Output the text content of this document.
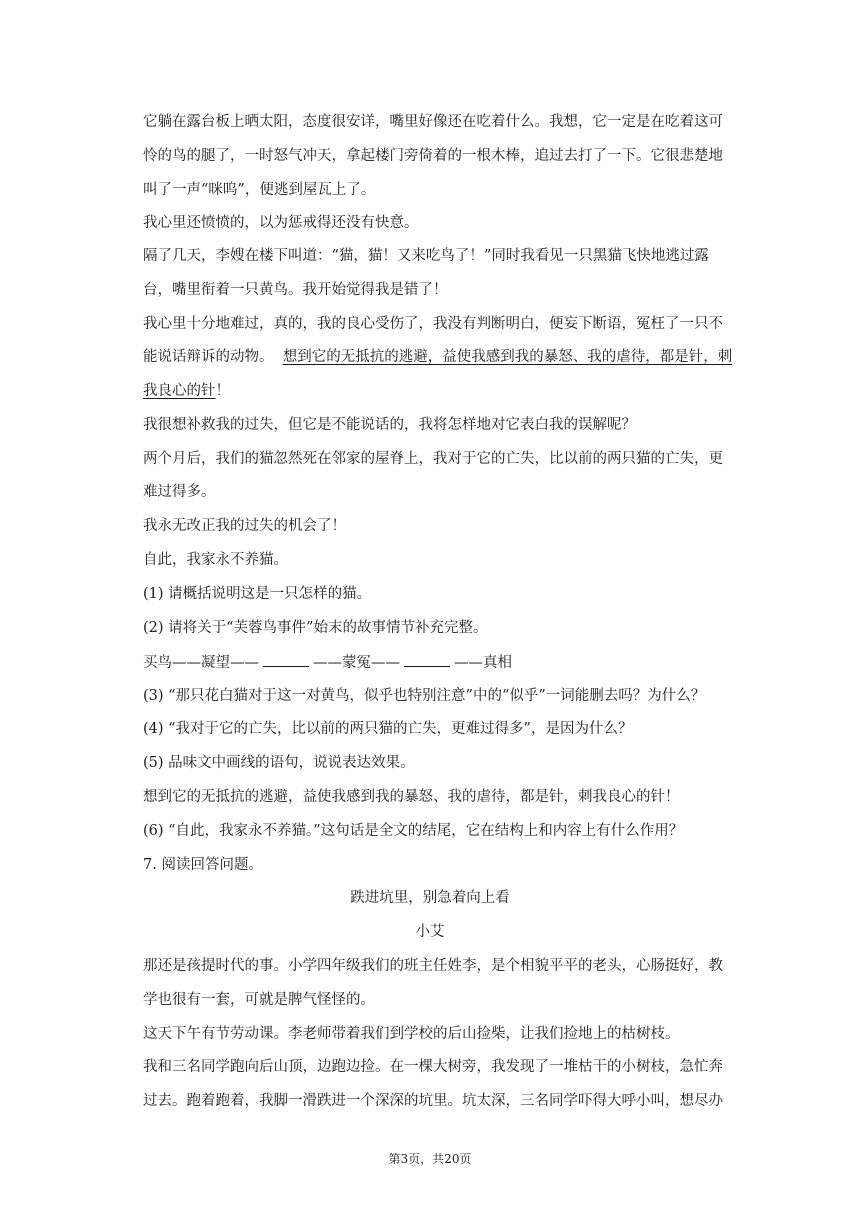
它躺在露台板上晒太阳，态度很安详，嘴里好像还在吃着什么。我想，它一定是在吃着这可
怜的鸟的腿了，一时怒气冲天，拿起楼门旁倚着的一根木棒，追过去打了一下。它很悲楚地
叫了一声“咪呜”，便逃到屋瓦上了。
我心里还愤愤的，以为惩戒得还没有快意。
隔了几天，李嫂在楼下叫道：“猫，猫！又来吃鸟了！”同时我看见一只黑猫飞快地逃过露
台，嘴里衔着一只黄鸟。我开始觉得我是错了！
我心里十分地难过，真的，我的良心受伤了，我没有判断明白，便妄下断语，冤枉了一只不
能说话辩诉的动物。 想到它的无抵抗的逃避，益使我感到我的暴怒、我的虐待，都是针，刺
我良心的针！
我很想补救我的过失，但它是不能说话的，我将怎样地对它表白我的误解呢？
两个月后，我们的猫忽然死在邻家的屋脊上，我对于它的亡失，比以前的两只猫的亡失，更
难过得多。
我永无改正我的过失的机会了！
自此，我家永不养猫。
(1) 请概括说明这是一只怎样的猫。
(2) 请将关于“芙蓉鸟事件”始末的故事情节补充完整。
买鸟——凝望——	——蒙冤——	——真相
(3) “那只花白猫对于这一对黄鸟，似乎也特别注意”中的“似乎”一词能删去吗？为什么？
(4) “我对于它的亡失，比以前的两只猫的亡失，更难过得多”，是因为什么？
(5) 品味文中画线的语句，说说表达效果。
想到它的无抵抗的逃避，益使我感到我的暴怒、我的虐待，都是针，刺我良心的针！
(6) “自此，我家永不养猫。”这句话是全文的结尾，它在结构上和内容上有什么作用？
7. 阅读回答问题。
跌进坑里，别急着向上看
小艾
那还是孩提时代的事。小学四年级我们的班主任姓李，是个相貌平平的老头，心肠挺好，教
学也很有一套，可就是脾气怪怪的。
这天下午有节劳动课。李老师带着我们到学校的后山捡柴，让我们捡地上的枯树枝。
我和三名同学跑向后山顶，边跑边捡。在一棵大树旁，我发现了一堆枯干的小树枝，急忙奔
过去。跑着跑着，我脚一滑跌进一个深深的坑里。坑太深，三名同学吓得大呼小叫，想尽办
第3页，共20页
